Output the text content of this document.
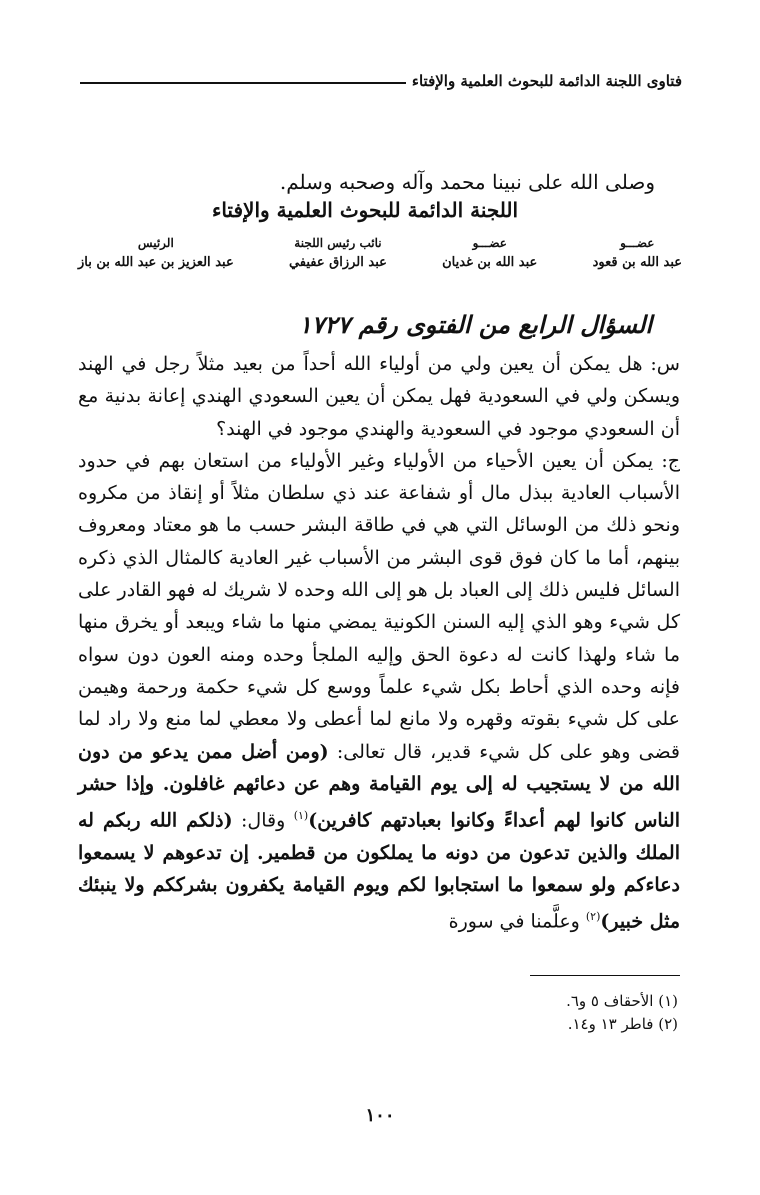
فتاوى اللجنة الدائمة للبحوث العلمية والإفتاء
وصلى الله على نبينا محمد وآله وصحبه وسلم.
اللجنة الدائمة للبحوث العلمية والإفتاء
عضـــو
عبد الله بن قعود
عضـــو
عبد الله بن غديان
نائب رئيس اللجنة
عبد الرزاق عفيفي
الرئيس
عبد العزيز بن عبد الله بن باز
السؤال الرابع من الفتوى رقم ١٧٢٧

س: هل يمكن أن يعين ولي من أولياء الله أحداً من بعيد مثلاً رجل في الهند ويسكن ولي في السعودية فهل يمكن أن يعين السعودي الهندي إعانة بدنية مع أن السعودي موجود في السعودية والهندي موجود في الهند؟

ج: يمكن أن يعين الأحياء من الأولياء وغير الأولياء من استعان بهم في حدود الأسباب العادية ببذل مال أو شفاعة عند ذي سلطان مثلاً أو إنقاذ من مكروه ونحو ذلك من الوسائل التي هي في طاقة البشر حسب ما هو معتاد ومعروف بينهم، أما ما كان فوق قوى البشر من الأسباب غير العادية كالمثال الذي ذكره السائل فليس ذلك إلى العباد بل هو إلى الله وحده لا شريك له فهو القادر على كل شيء وهو الذي إليه السنن الكونية يمضي منها ما شاء ويبعد أو يخرق منها ما شاء ولهذا كانت له دعوة الحق وإليه الملجأ وحده ومنه العون دون سواه فإنه وحده الذي أحاط بكل شيء علماً ووسع كل شيء حكمة ورحمة وهيمن على كل شيء بقوته وقهره ولا مانع لما أعطى ولا معطي لما منع ولا راد لما قضى وهو على كل شيء قدير، قال تعالى: (ومن أضل ممن يدعو من دون الله من لا يستجيب له إلى يوم القيامة وهم عن دعائهم غافلون. وإذا حشر الناس كانوا لهم أعداءً وكانوا بعبادتهم كافرين)$^{(١)}$ وقال: (ذلكم الله ربكم له الملك والذين تدعون من دونه ما يملكون من قطمير. إن تدعوهم لا يسمعوا دعاءكم ولو سمعوا ما استجابوا لكم ويوم القيامة يكفرون بشرككم ولا ينبئك مثل خبير)$^{(٢)}$ وعلَّمنا في سورة

(١) الأحقاف ٥ و٦.
(٢) فاطر ١٣ و١٤.
١٠٠
